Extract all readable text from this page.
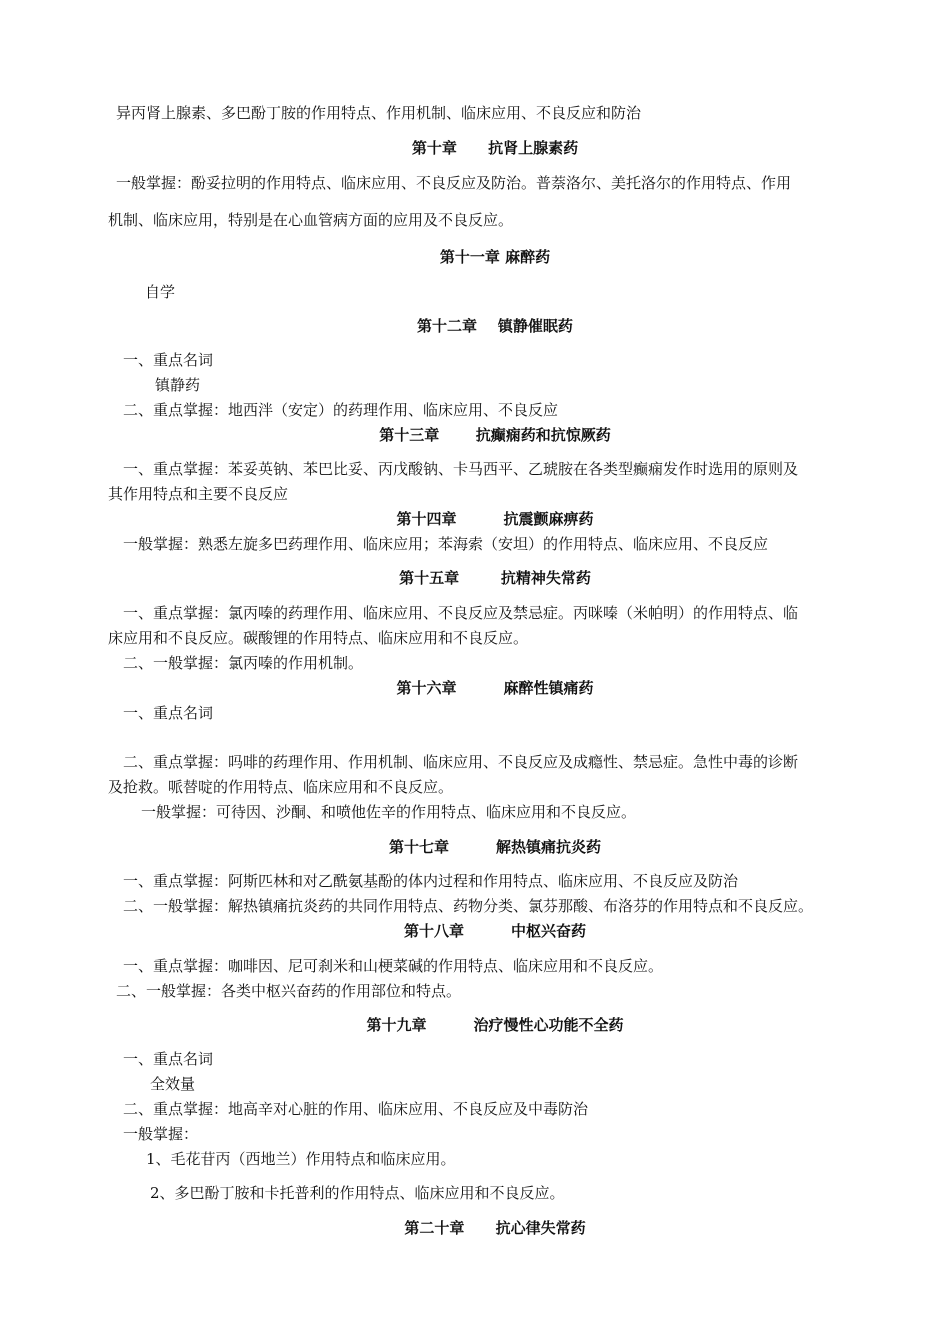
异丙肾上腺素、多巴酚丁胺的作用特点、作用机制、临床应用、不良反应和防治
第十章      抗肾上腺素药
一般掌握：酚妥拉明的作用特点、临床应用、不良反应及防治。普萘洛尔、美托洛尔的作用特点、作用
机制、临床应用，特别是在心血管病方面的应用及不良反应。
第十一章 麻醉药
自学
第十二章    镇静催眠药
一、重点名词
镇静药
二、重点掌握：地西泮（安定）的药理作用、临床应用、不良反应
第十三章       抗癫痫药和抗惊厥药
一、重点掌握：苯妥英钠、苯巴比妥、丙戊酸钠、卡马西平、乙琥胺在各类型癫痫发作时选用的原则及
其作用特点和主要不良反应
第十四章         抗震颤麻痹药
一般掌握：熟悉左旋多巴药理作用、临床应用；苯海索（安坦）的作用特点、临床应用、不良反应
第十五章        抗精神失常药
一、重点掌握：氯丙嗪的药理作用、临床应用、不良反应及禁忌症。丙咪嗪（米帕明）的作用特点、临
床应用和不良反应。碳酸锂的作用特点、临床应用和不良反应。
二、一般掌握：氯丙嗪的作用机制。
第十六章         麻醉性镇痛药
一、重点名词
二、重点掌握：吗啡的药理作用、作用机制、临床应用、不良反应及成瘾性、禁忌症。急性中毒的诊断
及抢救。哌替啶的作用特点、临床应用和不良反应。
一般掌握：可待因、沙酮、和喷他佐辛的作用特点、临床应用和不良反应。
第十七章         解热镇痛抗炎药
一、重点掌握：阿斯匹林和对乙酰氨基酚的体内过程和作用特点、临床应用、不良反应及防治
二、一般掌握：解热镇痛抗炎药的共同作用特点、药物分类、氯芬那酸、布洛芬的作用特点和不良反应。
第十八章         中枢兴奋药
一、重点掌握：咖啡因、尼可刹米和山梗菜碱的作用特点、临床应用和不良反应。
二、一般掌握：各类中枢兴奋药的作用部位和特点。
第十九章         治疗慢性心功能不全药
一、重点名词
全效量
二、重点掌握：地高辛对心脏的作用、临床应用、不良反应及中毒防治
一般掌握：
1、毛花苷丙（西地兰）作用特点和临床应用。
2、多巴酚丁胺和卡托普利的作用特点、临床应用和不良反应。
第二十章      抗心律失常药
